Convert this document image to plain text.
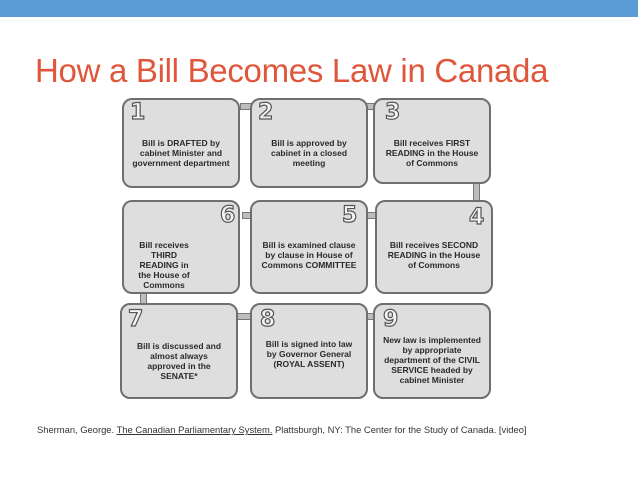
How a Bill Becomes Law in Canada
1
Bill is DRAFTED by cabinet Minister and government department
2
Bill is approved by cabinet in a closed meeting
3
Bill receives FIRST READING in the House of Commons
6
Bill receives THIRD READING in the House of Commons
5
Bill is examined clause by clause in House of Commons COMMITTEE
4
Bill receives SECOND READING in the House of Commons
7
Bill is discussed and almost always approved in the SENATE*
8
Bill is signed into law by Governor General (ROYAL ASSENT)
9
New law is implemented by appropriate department of the CIVIL SERVICE headed by cabinet Minister
Sherman, George. The Canadian Parliamentary System. Plattsburgh, NY: The Center for the Study of Canada. [video]
